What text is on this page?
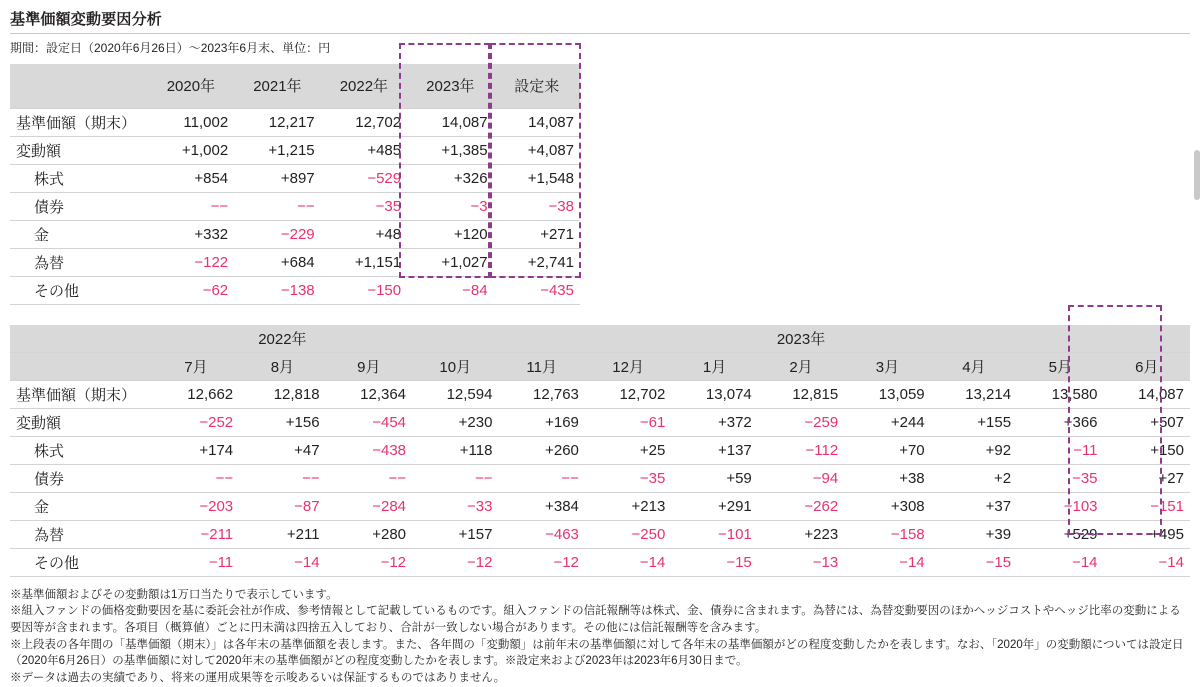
基準価額変動要因分析
期間：設定日（2020年6月26日）〜2023年6月末、単位：円
	2020年	2021年	2022年	2023年	設定来
基準価額（期末）	11,002	12,217	12,702	14,087	14,087
変動額	+1,002	+1,215	+485	+1,385	+4,087
株式	+854	+897	−529	+326	+1,548
債券	−−	−−	−35	−3	−38
金	+332	−229	+48	+120	+271
為替	−122	+684	+1,151	+1,027	+2,741
その他	−62	−138	−150	−84	−435
	2022年			2023年								
	7月	8月	9月	10月	11月	12月	1月	2月	3月	4月	5月	6月
基準価額（期末）	12,662	12,818	12,364	12,594	12,763	12,702	13,074	12,815	13,059	13,214	13,580	14,087
変動額	−252	+156	−454	+230	+169	−61	+372	−259	+244	+155	+366	+507
株式	+174	+47	−438	+118	+260	+25	+137	−112	+70	+92	−11	+150
債券	−−	−−	−−	−−	−−	−35	+59	−94	+38	+2	−35	+27
金	−203	−87	−284	−33	+384	+213	+291	−262	+308	+37	−103	−151
為替	−211	+211	+280	+157	−463	−250	−101	+223	−158	+39	+529	+495
その他	−11	−14	−12	−12	−12	−14	−15	−13	−14	−15	−14	−14

※基準価額およびその変動額は1万口当たりで表示しています。

※組入ファンドの価格変動要因を基に委託会社が作成、参考情報として記載しているものです。組入ファンドの信託報酬等は株式、金、債券に含まれます。為替には、為替変動要因のほかヘッジコストやヘッジ比率の変動による要因等が含まれます。各項目（概算値）ごとに円未満は四捨五入しており、合計が一致しない場合があります。その他には信託報酬等を含みます。

※上段表の各年間の「基準価額（期末）」は各年末の基準価額を表します。また、各年間の「変動額」は前年末の基準価額に対して各年末の基準価額がどの程度変動したかを表します。なお、「2020年」の変動額については設定日（2020年6月26日）の基準価額に対して2020年末の基準価額がどの程度変動したかを表します。※設定来および2023年は2023年6月30日まで。

※データは過去の実績であり、将来の運用成果等を示唆あるいは保証するものではありません。
